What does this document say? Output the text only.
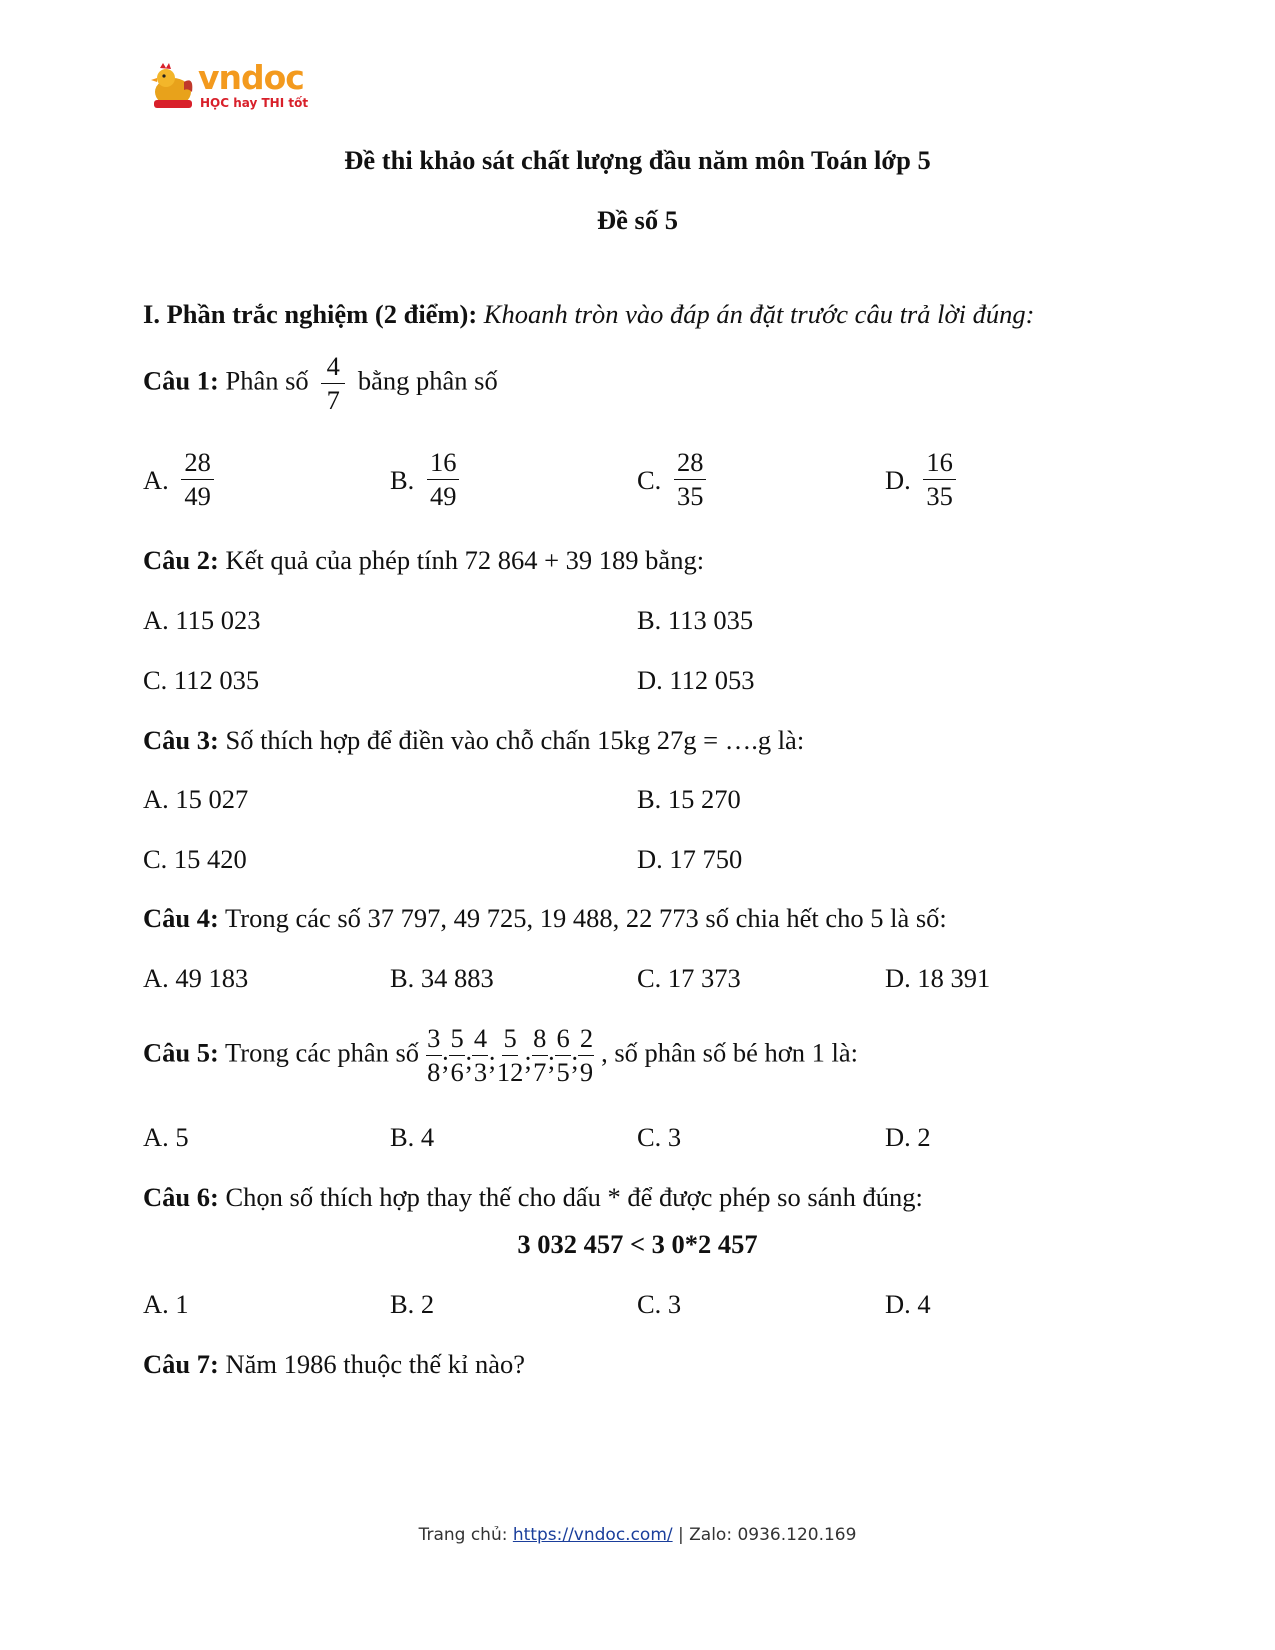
vndoc
HỌC hay THI tốt
Đề thi khảo sát chất lượng đầu năm môn Toán lớp 5
Đề số 5
I. Phần trắc nghiệm (2 điểm): Khoanh tròn vào đáp án đặt trước câu trả lời đúng:
Câu 1: Phân số $\frac{4}{7}$ bằng phân số
A. $\frac{28}{49}$	B. $\frac{16}{49}$	C. $\frac{28}{35}$	D. $\frac{16}{35}$
Câu 2: Kết quả của phép tính 72 864 + 39 189 bằng:
A. 115 023	B. 113 035
C. 112 035	D. 112 053
Câu 3: Số thích hợp để điền vào chỗ chấn 15kg 27g = ….g là:
A. 15 027	B. 15 270
C. 15 420	D. 17 750
Câu 4: Trong các số 37 797, 49 725, 19 488, 22 773 số chia hết cho 5 là số:
A. 49 183	B. 34 883	C. 17 373	D. 18 391
Câu 5: Trong các phân số $\frac{3}{8}$ ; $\frac{5}{6}$ ; $\frac{4}{3}$ ; $\frac{5}{12}$ ; $\frac{8}{7}$ ; $\frac{6}{5}$ ; $\frac{2}{9}$ , số phân số bé hơn 1 là:
A. 5	B. 4	C. 3	D. 2
Câu 6: Chọn số thích hợp thay thế cho dấu * để được phép so sánh đúng:
3 032 457 < 3 0*2 457
A. 1	B. 2	C. 3	D. 4
Câu 7: Năm 1986 thuộc thế kỉ nào?
Trang chủ: https://vndoc.com/ | Zalo: 0936.120.169
